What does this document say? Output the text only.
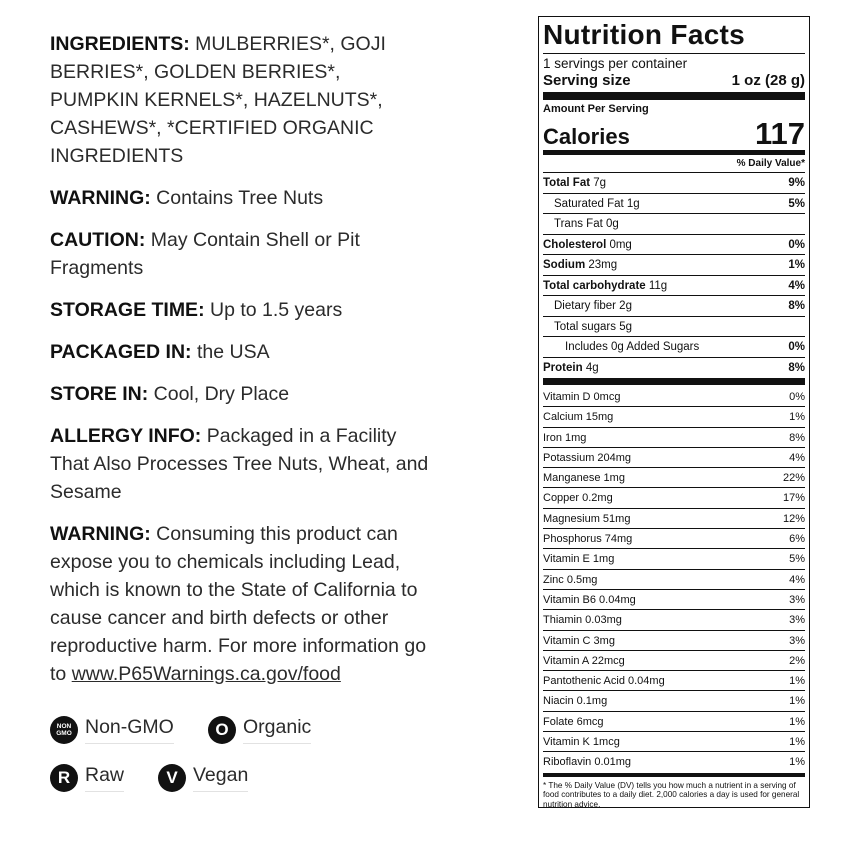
INGREDIENTS: MULBERRIES*, GOJI BERRIES*, GOLDEN BERRIES*, PUMPKIN KERNELS*, HAZELNUTS*, CASHEWS*, *CERTIFIED ORGANIC INGREDIENTS

WARNING: Contains Tree Nuts

CAUTION: May Contain Shell or Pit Fragments

STORAGE TIME: Up to 1.5 years

PACKAGED IN: the USA

STORE IN: Cool, Dry Place

ALLERGY INFO: Packaged in a Facility That Also Processes Tree Nuts, Wheat, and Sesame

WARNING: Consuming this product can expose you to chemicals including Lead, which is known to the State of California to cause cancer and birth defects or other reproductive harm. For more information go to www.P65Warnings.ca.gov/food

NON
GMO Non-GMO	O Organic
R Raw	V Vegan
Nutrition Facts
1 servings per container
Serving size	1 oz (28 g)
Amount Per Serving
Calories	117
% Daily Value*
Total Fat 7g	9%
Saturated Fat 1g	5%
Trans Fat 0g
Cholesterol 0mg	0%
Sodium 23mg	1%
Total carbohydrate 11g	4%
Dietary fiber 2g	8%
Total sugars 5g
Includes 0g Added Sugars	0%
Protein 4g	8%
Vitamin D 0mcg	0%
Calcium 15mg	1%
Iron 1mg	8%
Potassium 204mg	4%
Manganese 1mg	22%
Copper 0.2mg	17%
Magnesium 51mg	12%
Phosphorus 74mg	6%
Vitamin E 1mg	5%
Zinc 0.5mg	4%
Vitamin B6 0.04mg	3%
Thiamin 0.03mg	3%
Vitamin C 3mg	3%
Vitamin A 22mcg	2%
Pantothenic Acid 0.04mg	1%
Niacin 0.1mg	1%
Folate 6mcg	1%
Vitamin K 1mcg	1%
Riboflavin 0.01mg	1%
* The % Daily Value (DV) tells you how much a nutrient in a serving of food contributes to a daily diet. 2,000 calories a day is used for general nutrition advice.
